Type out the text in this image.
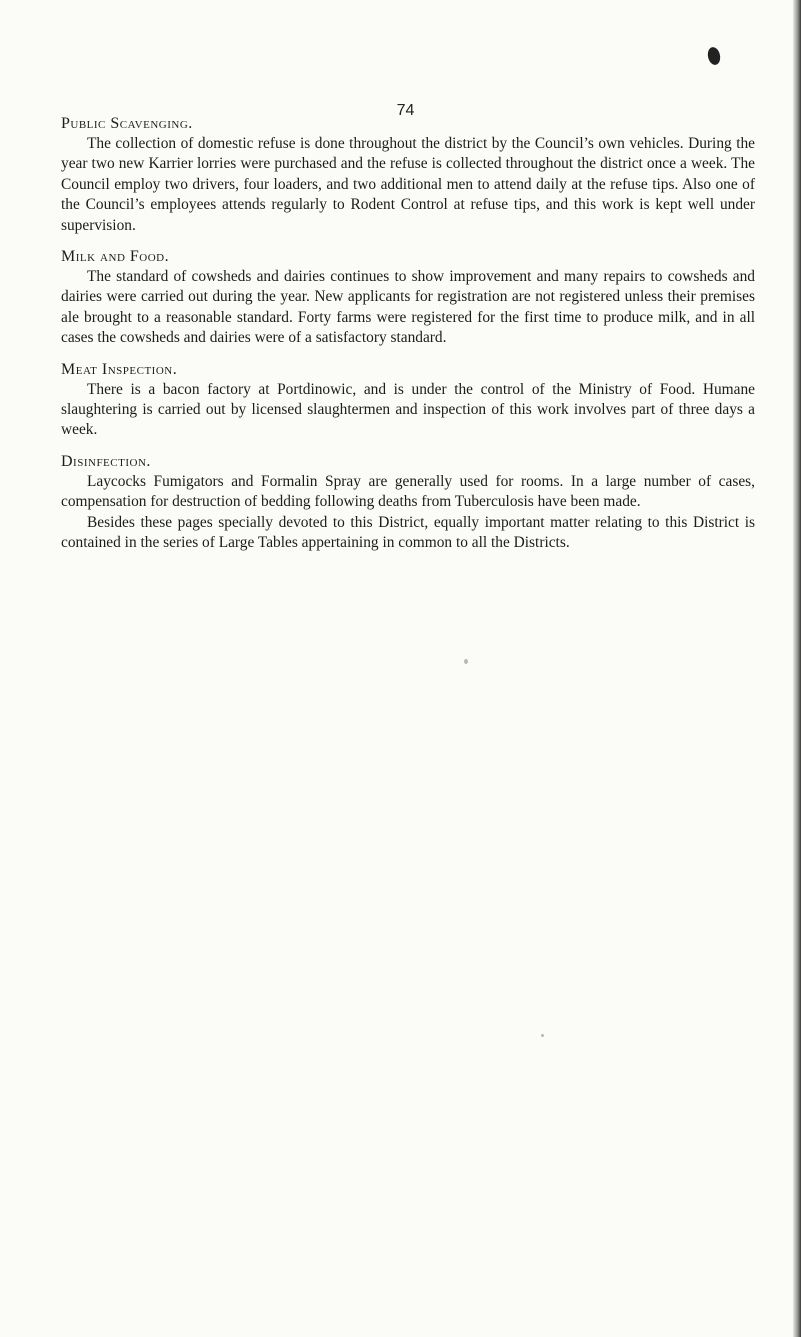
74
Public Scavenging.

The collection of domestic refuse is done throughout the district by the Council’s own vehicles. During the year two new Karrier lorries were purchased and the refuse is collected throughout the district once a week. The Council employ two drivers, four loaders, and two additional men to attend daily at the refuse tips. Also one of the Council’s employees attends regularly to Rodent Control at refuse tips, and this work is kept well under supervision.

Milk and Food.

The standard of cowsheds and dairies continues to show improvement and many repairs to cowsheds and dairies were carried out during the year. New applicants for registration are not registered unless their premises ale brought to a reasonable standard. Forty farms were registered for the first time to produce milk, and in all cases the cowsheds and dairies were of a satisfactory standard.

Meat Inspection.

There is a bacon factory at Portdinowic, and is under the control of the Ministry of Food. Humane slaughtering is carried out by licensed slaughtermen and inspection of this work involves part of three days a week.

Disinfection.

Laycocks Fumigators and Formalin Spray are generally used for rooms. In a large number of cases, compensation for destruction of bedding following deaths from Tuberculosis have been made.

Besides these pages specially devoted to this District, equally important matter relating to this District is contained in the series of Large Tables appertaining in common to all the Districts.
